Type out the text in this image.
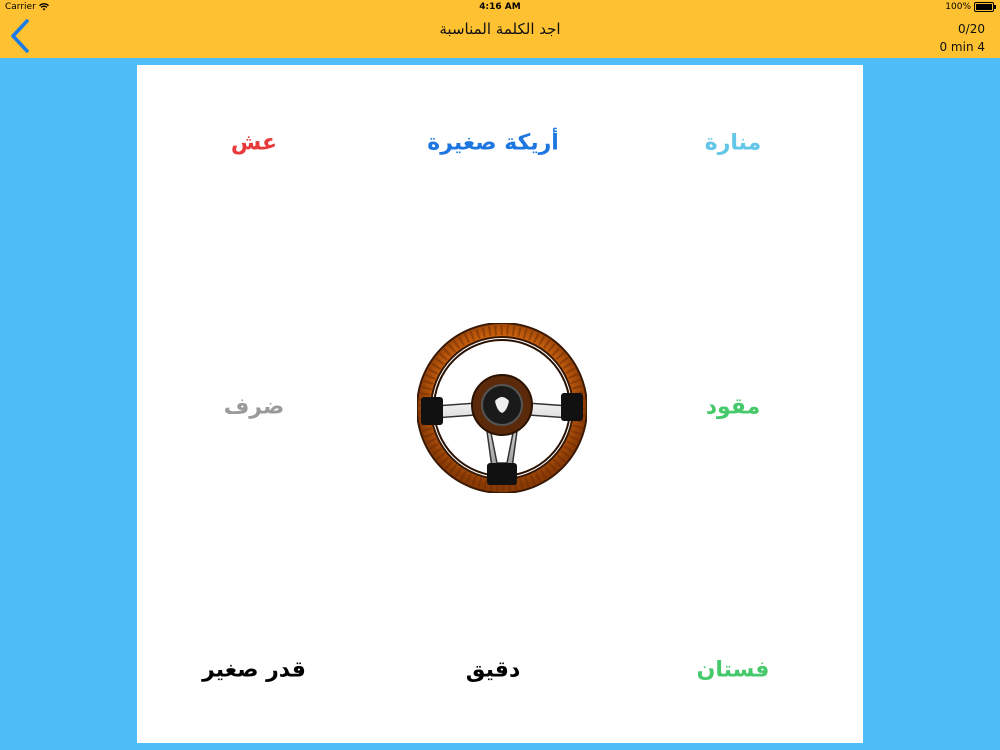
Carrier	4:16 AM	100%
اجد الكلمة المناسبة	0/20
0 min 4
عش	أريكة صغيرة	منارة
ضرف	مقود
قدر صغير	دقيق	فستان
